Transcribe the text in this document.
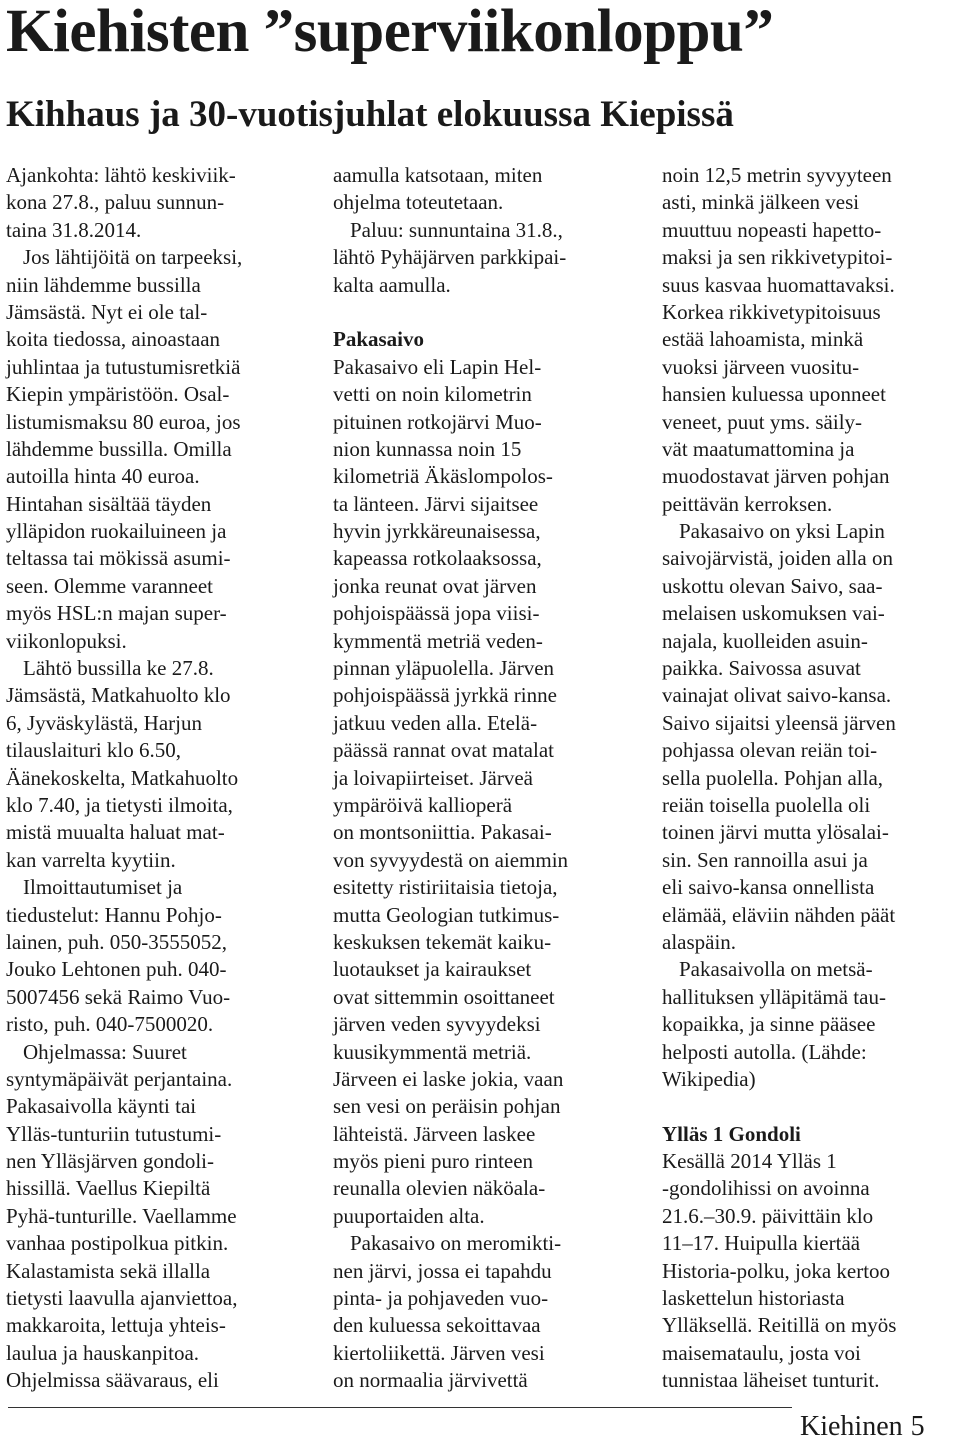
Kiehisten ”superviikonloppu”
Kihhaus ja 30-vuotisjuhlat elokuussa Kiepissä
Ajankohta: lähtö keskiviik-
kona 27.8., paluu sunnun-
taina 31.8.2014.
Jos lähtijöitä on tarpeeksi,
niin lähdemme bussilla
Jämsästä. Nyt ei ole tal-
koita tiedossa, ainoastaan
juhlintaa ja tutustumisretkiä
Kiepin ympäristöön. Osal-
listumismaksu 80 euroa, jos
lähdemme bussilla. Omilla
autoilla hinta 40 euroa.
Hintahan sisältää täyden
ylläpidon ruokailuineen ja
teltassa tai mökissä asumi-
seen. Olemme varanneet
myös HSL:n majan super-
viikonlopuksi.
Lähtö bussilla ke 27.8.
Jämsästä, Matkahuolto klo
6, Jyväskylästä, Harjun
tilauslaituri klo 6.50,
Äänekoskelta, Matkahuolto
klo 7.40, ja tietysti ilmoita,
mistä muualta haluat mat-
kan varrelta kyytiin.
Ilmoittautumiset ja
tiedustelut: Hannu Pohjo-
lainen, puh. 050-3555052,
Jouko Lehtonen puh. 040-
5007456 sekä Raimo Vuo-
risto, puh. 040-7500020.
Ohjelmassa: Suuret
syntymäpäivät perjantaina.
Pakasaivolla käynti tai
Ylläs-tunturiin tutustumi-
nen Ylläsjärven gondoli-
hissillä. Vaellus Kiepiltä
Pyhä-tunturille. Vaellamme
vanhaa postipolkua pitkin.
Kalastamista sekä illalla
tietysti laavulla ajanviettoa,
makkaroita, lettuja yhteis-
laulua ja hauskanpitoa.
Ohjelmissa säävaraus, eli
aamulla katsotaan, miten
ohjelma toteutetaan.
Paluu: sunnuntaina 31.8.,
lähtö Pyhäjärven parkkipai-
kalta aamulla.
Pakasaivo
Pakasaivo eli Lapin Hel-
vetti on noin kilometrin
pituinen rotkojärvi Muo-
nion kunnassa noin 15
kilometriä Äkäslompolos-
ta länteen. Järvi sijaitsee
hyvin jyrkkäreunaisessa,
kapeassa rotkolaaksossa,
jonka reunat ovat järven
pohjoispäässä jopa viisi-
kymmentä metriä veden-
pinnan yläpuolella. Järven
pohjoispäässä jyrkkä rinne
jatkuu veden alla. Etelä-
päässä rannat ovat matalat
ja loivapiirteiset. Järveä
ympäröivä kallioperä
on montsoniittia. Pakasai-
von syvyydestä on aiemmin
esitetty ristiriitaisia tietoja,
mutta Geologian tutkimus-
keskuksen tekemät kaiku-
luotaukset ja kairaukset
ovat sittemmin osoittaneet
järven veden syvyydeksi
kuusikymmentä metriä.
Järveen ei laske jokia, vaan
sen vesi on peräisin pohjan
lähteistä. Järveen laskee
myös pieni puro rinteen
reunalla olevien näköala-
puuportaiden alta.
Pakasaivo on meromikti-
nen järvi, jossa ei tapahdu
pinta- ja pohjaveden vuo-
den kuluessa sekoittavaa
kiertoliikettä. Järven vesi
on normaalia järvivettä
noin 12,5 metrin syvyyteen
asti, minkä jälkeen vesi
muuttuu nopeasti hapetto-
maksi ja sen rikkivetypitoi-
suus kasvaa huomattavaksi.
Korkea rikkivetypitoisuus
estää lahoamista, minkä
vuoksi järveen vuositu-
hansien kuluessa uponneet
veneet, puut yms. säily-
vät maatumattomina ja
muodostavat järven pohjan
peittävän kerroksen.
Pakasaivo on yksi Lapin
saivojärvistä, joiden alla on
uskottu olevan Saivo, saa-
melaisen uskomuksen vai-
najala, kuolleiden asuin-
paikka. Saivossa asuvat
vainajat olivat saivo-kansa.
Saivo sijaitsi yleensä järven
pohjassa olevan reiän toi-
sella puolella. Pohjan alla,
reiän toisella puolella oli
toinen järvi mutta ylösalai-
sin. Sen rannoilla asui ja
eli saivo-kansa onnellista
elämää, eläviin nähden päät
alaspäin.
Pakasaivolla on metsä-
hallituksen ylläpitämä tau-
kopaikka, ja sinne pääsee
helposti autolla. (Lähde:
Wikipedia)
Ylläs 1 Gondoli
Kesällä 2014 Ylläs 1
-gondolihissi on avoinna
21.6.–30.9. päivittäin klo
11–17. Huipulla kiertää
Historia-polku, joka kertoo
laskettelun historiasta
Ylläksellä. Reitillä on myös
maisemataulu, josta voi
tunnistaa läheiset tunturit.
Kiehinen 5
